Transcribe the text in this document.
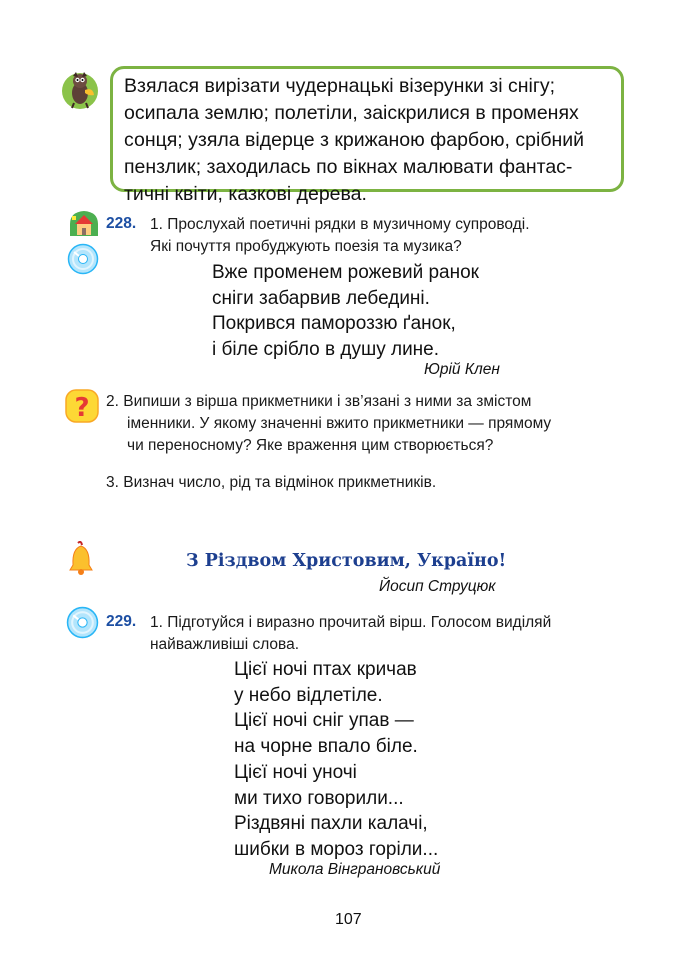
Взялася вирізати чудернацькі візерунки зі снігу;
осипала землю; полетіли, заіскрилися в променях
сонця; узяла відерце з крижаною фарбою, срібний
пензлик; заходилась по вікнах малювати фантас-
тичні квіти, казкові дерева.
228. 1. Прослухай поетичні рядки в музичному супроводі.
Які почуття пробуджують поезія та музика?
Вже променем рожевий ранок
сніги забарвив лебедині.
Покрився памороззю ґанок,
і біле срібло в душу лине.
Юрій Клен
? 2. Випиши з вірша прикметники і зв’язані з ними за змістом
іменники. У якому значенні вжито прикметники — прямому
чи переносному? Яке враження цим створюється?
3. Визнач число, рід та відмінок прикметників.
З Різдвом Христовим, Україно!
Йосип Струцюк
229. 1. Підготуйся і виразно прочитай вірш. Голосом виділяй
найважливіші слова.
Цієї ночі птах кричав
у небо відлетіле.
Цієї ночі сніг упав —
на чорне впало біле.
Цієї ночі уночі
ми тихо говорили...
Різдвяні пахли калачі,
шибки в мороз горіли...
Микола Вінграновський
107
